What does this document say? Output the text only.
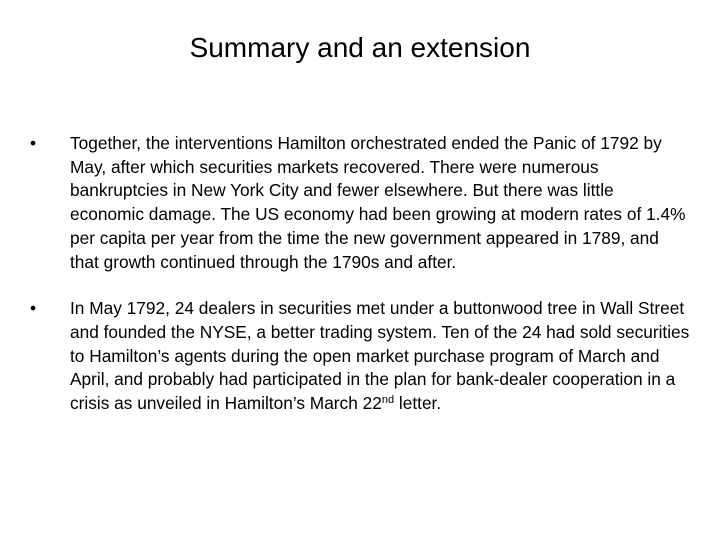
Summary and an extension
•	Together, the interventions Hamilton orchestrated ended the Panic of 1792 by May, after which securities markets recovered. There were numerous bankruptcies in New York City and fewer elsewhere. But there was little economic damage. The US economy had been growing at modern rates of 1.4% per capita per year from the time the new government appeared in 1789, and that growth continued through the 1790s and after.
•	In May 1792, 24 dealers in securities met under a buttonwood tree in Wall Street and founded the NYSE, a better trading system. Ten of the 24 had sold securities to Hamilton’s agents during the open market purchase program of March and April, and probably had participated in the plan for bank-dealer cooperation in a crisis as unveiled in Hamilton’s March 22nd letter.
